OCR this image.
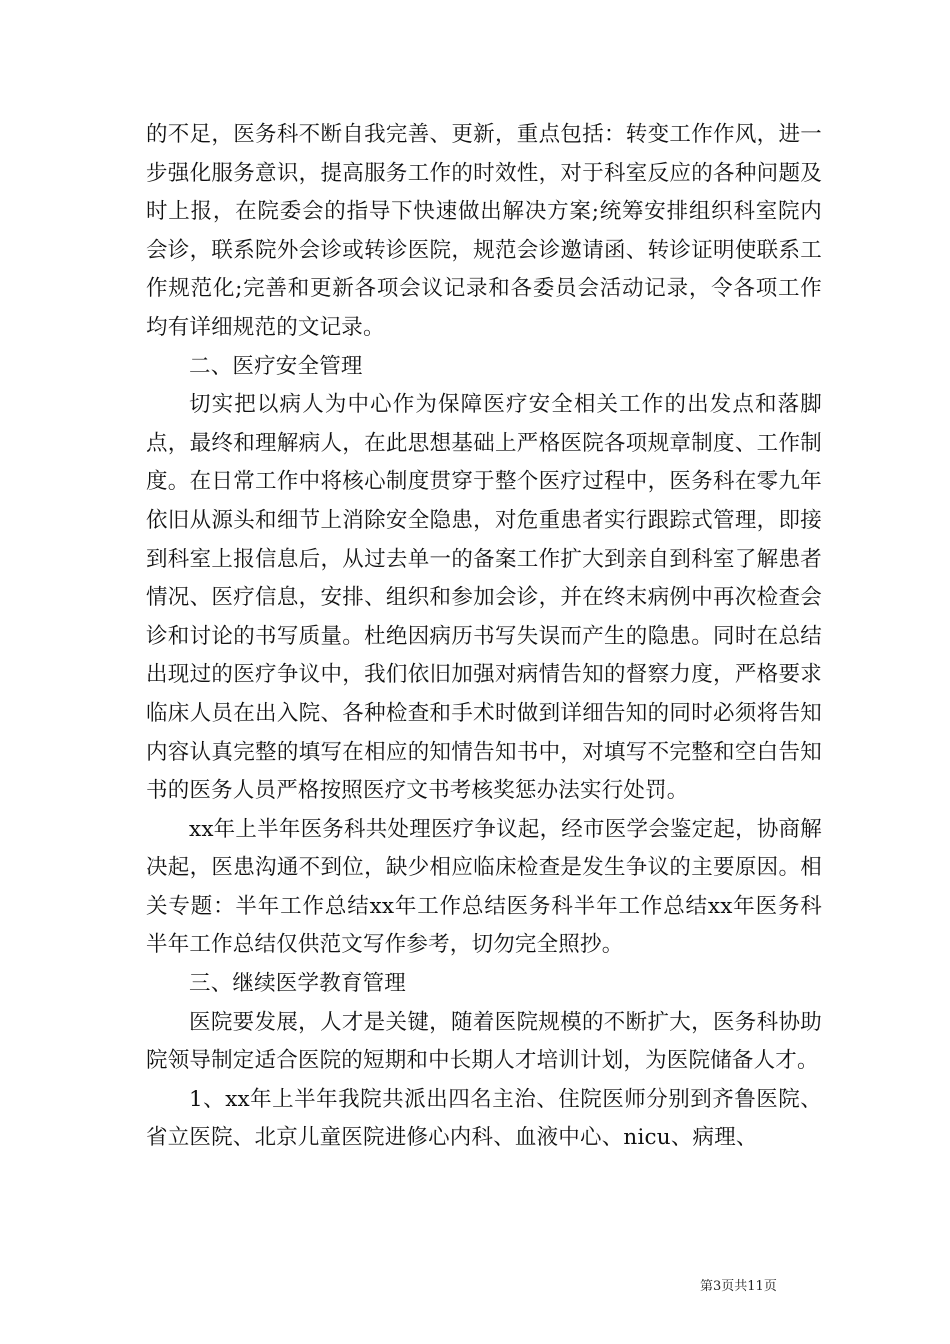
的不足，医务科不断自我完善、更新，重点包括：转变工作作风，进一步强化服务意识，提高服务工作的时效性，对于科室反应的各种问题及时上报，在院委会的指导下快速做出解决方案;统筹安排组织科室院内会诊，联系院外会诊或转诊医院，规范会诊邀请函、转诊证明使联系工作规范化;完善和更新各项会议记录和各委员会活动记录，令各项工作均有详细规范的文记录。

二、医疗安全管理

切实把以病人为中心作为保障医疗安全相关工作的出发点和落脚点，最终和理解病人，在此思想基础上严格医院各项规章制度、工作制度。在日常工作中将核心制度贯穿于整个医疗过程中，医务科在零九年依旧从源头和细节上消除安全隐患，对危重患者实行跟踪式管理，即接到科室上报信息后，从过去单一的备案工作扩大到亲自到科室了解患者情况、医疗信息，安排、组织和参加会诊，并在终末病例中再次检查会诊和讨论的书写质量。杜绝因病历书写失误而产生的隐患。同时在总结出现过的医疗争议中，我们依旧加强对病情告知的督察力度，严格要求临床人员在出入院、各种检查和手术时做到详细告知的同时必须将告知内容认真完整的填写在相应的知情告知书中，对填写不完整和空白告知书的医务人员严格按照医疗文书考核奖惩办法实行处罚。

xx年上半年医务科共处理医疗争议起，经市医学会鉴定起，协商解决起，医患沟通不到位，缺少相应临床检查是发生争议的主要原因。相关专题：半年工作总结xx年工作总结医务科半年工作总结xx年医务科半年工作总结仅供范文写作参考，切勿完全照抄。

三、继续医学教育管理

医院要发展，人才是关键，随着医院规模的不断扩大，医务科协助院领导制定适合医院的短期和中长期人才培训计划，为医院储备人才。

1、xx年上半年我院共派出四名主治、住院医师分别到齐鲁医院、省立医院、北京儿童医院进修心内科、血液中心、nicu、病理、

第3页共11页
